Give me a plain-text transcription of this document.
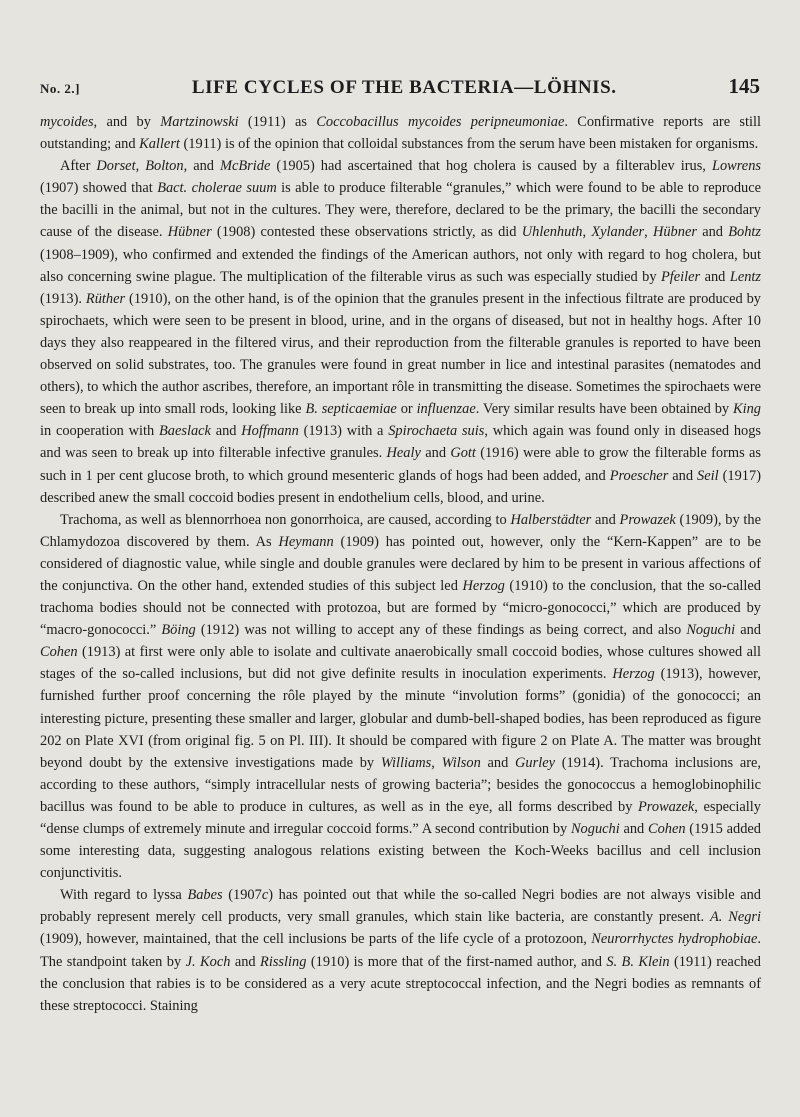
No. 2.]	LIFE CYCLES OF THE BACTERIA—LÖHNIS.	145

mycoides, and by Martzinowski (1911) as Coccobacillus mycoides peripneumoniae. Confirmative reports are still outstanding; and Kallert (1911) is of the opinion that colloidal substances from the serum have been mistaken for organisms.

After Dorset, Bolton, and McBride (1905) had ascertained that hog cholera is caused by a filterablev irus, Lowrens (1907) showed that Bact. cholerae suum is able to produce filterable “granules,” which were found to be able to reproduce the bacilli in the animal, but not in the cultures. They were, therefore, declared to be the primary, the bacilli the secondary cause of the disease. Hübner (1908) contested these observations strictly, as did Uhlenhuth, Xylander, Hübner and Bohtz (1908–1909), who confirmed and extended the findings of the American authors, not only with regard to hog cholera, but also concerning swine plague. The multiplication of the filterable virus as such was especially studied by Pfeiler and Lentz (1913). Rüther (1910), on the other hand, is of the opinion that the granules present in the infectious filtrate are produced by spirochaets, which were seen to be present in blood, urine, and in the organs of diseased, but not in healthy hogs. After 10 days they also reappeared in the filtered virus, and their reproduction from the filterable granules is reported to have been observed on solid substrates, too. The granules were found in great number in lice and intestinal parasites (nematodes and others), to which the author ascribes, therefore, an important rôle in transmitting the disease. Sometimes the spirochaets were seen to break up into small rods, looking like B. septicaemiae or influenzae. Very similar results have been obtained by King in cooperation with Baeslack and Hoffmann (1913) with a Spirochaeta suis, which again was found only in diseased hogs and was seen to break up into filterable infective granules. Healy and Gott (1916) were able to grow the filterable forms as such in 1 per cent glucose broth, to which ground mesenteric glands of hogs had been added, and Proescher and Seil (1917) described anew the small coccoid bodies present in endothelium cells, blood, and urine.

Trachoma, as well as blennorrhoea non gonorrhoica, are caused, according to Halberstädter and Prowazek (1909), by the Chlamydozoa discovered by them. As Heymann (1909) has pointed out, however, only the “Kern-Kappen” are to be considered of diagnostic value, while single and double granules were declared by him to be present in various affections of the conjunctiva. On the other hand, extended studies of this subject led Herzog (1910) to the conclusion, that the so-called trachoma bodies should not be connected with protozoa, but are formed by “micro-gonococci,” which are produced by “macro-gonococci.” Böing (1912) was not willing to accept any of these findings as being correct, and also Noguchi and Cohen (1913) at first were only able to isolate and cultivate anaerobically small coccoid bodies, whose cultures showed all stages of the so-called inclusions, but did not give definite results in inoculation experiments. Herzog (1913), however, furnished further proof concerning the rôle played by the minute “involution forms” (gonidia) of the gonococci; an interesting picture, presenting these smaller and larger, globular and dumb-bell-shaped bodies, has been reproduced as figure 202 on Plate XVI (from original fig. 5 on Pl. III). It should be compared with figure 2 on Plate A. The matter was brought beyond doubt by the extensive investigations made by Williams, Wilson and Gurley (1914). Trachoma inclusions are, according to these authors, “simply intracellular nests of growing bacteria”; besides the gonococcus a hemoglobinophilic bacillus was found to be able to produce in cultures, as well as in the eye, all forms described by Prowazek, especially “dense clumps of extremely minute and irregular coccoid forms.” A second contribution by Noguchi and Cohen (1915 added some interesting data, suggesting analogous relations existing between the Koch-Weeks bacillus and cell inclusion conjunctivitis.

With regard to lyssa Babes (1907c) has pointed out that while the so-called Negri bodies are not always visible and probably represent merely cell products, very small granules, which stain like bacteria, are constantly present. A. Negri (1909), however, maintained, that the cell inclusions be parts of the life cycle of a protozoon, Neurorrhyctes hydrophobiae. The standpoint taken by J. Koch and Rissling (1910) is more that of the first-named author, and S. B. Klein (1911) reached the conclusion that rabies is to be considered as a very acute streptococcal infection, and the Negri bodies as remnants of these streptococci. Staining
